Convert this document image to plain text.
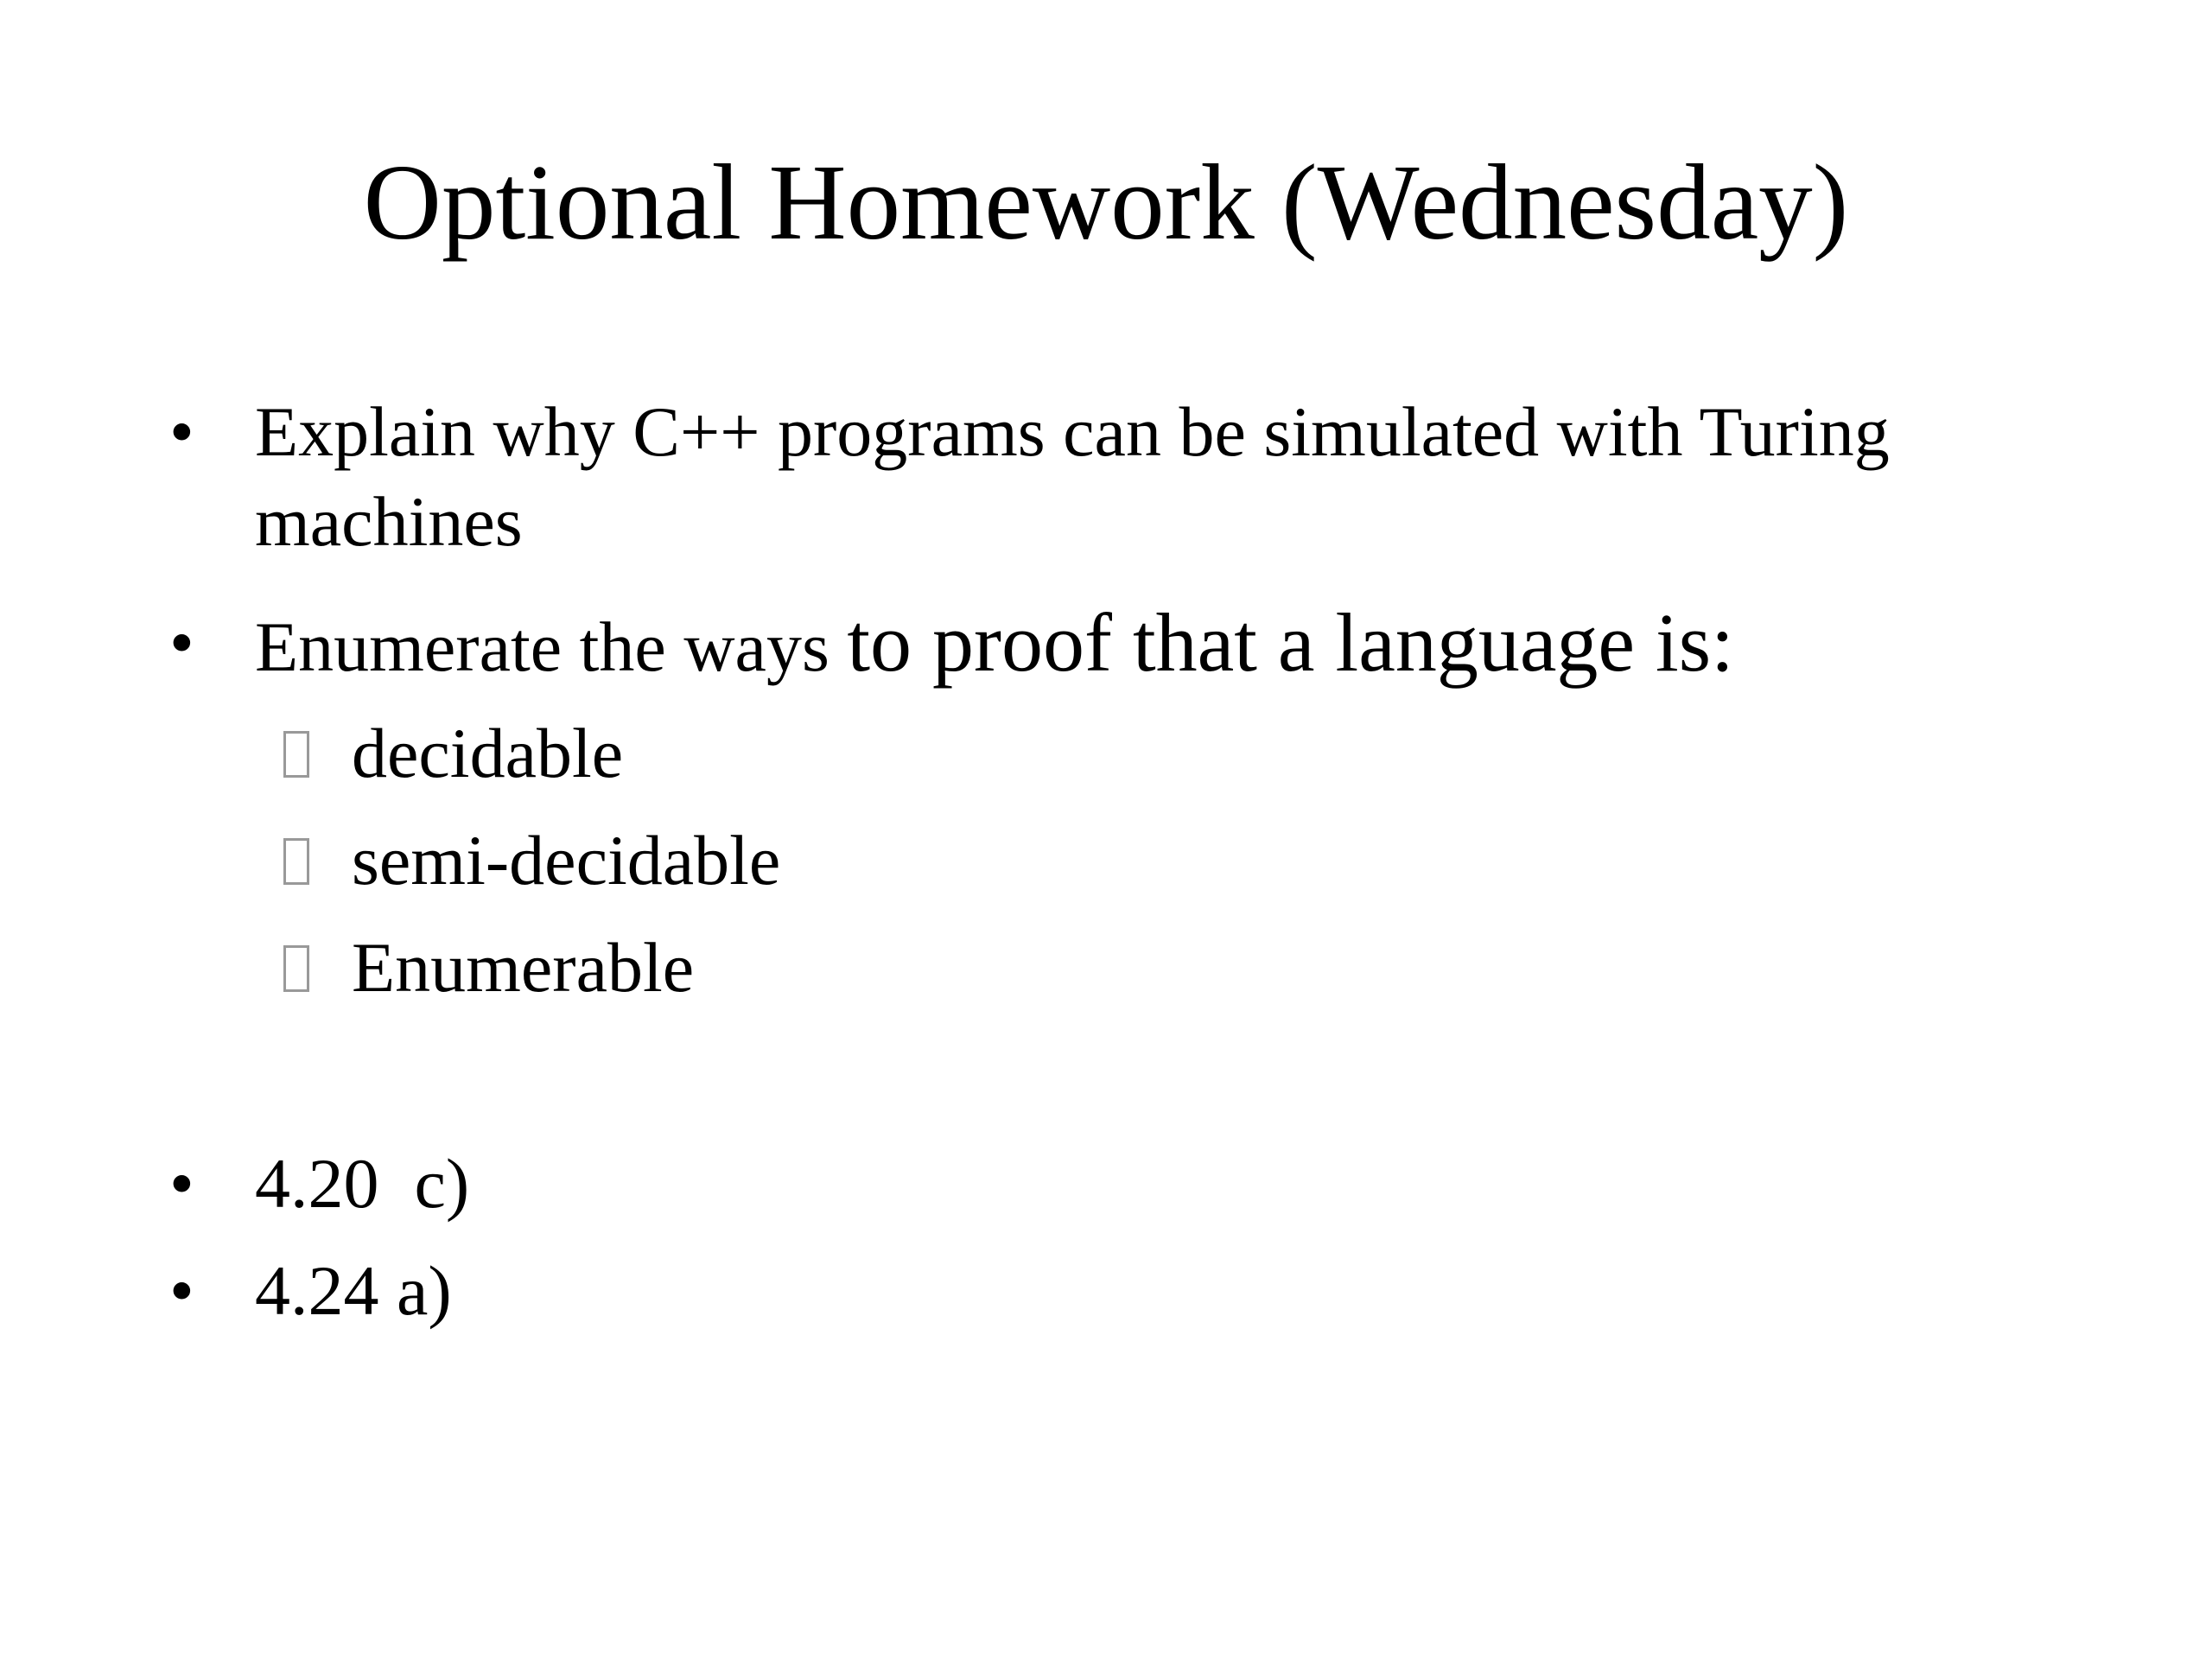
Optional Homework (Wednesday)
• Explain why C++ programs can be simulated with Turing
machines
• Enumerate the ways to proof that a language is:
decidable
semi-decidable
Enumerable
• 4.20  c)
• 4.24 a)
